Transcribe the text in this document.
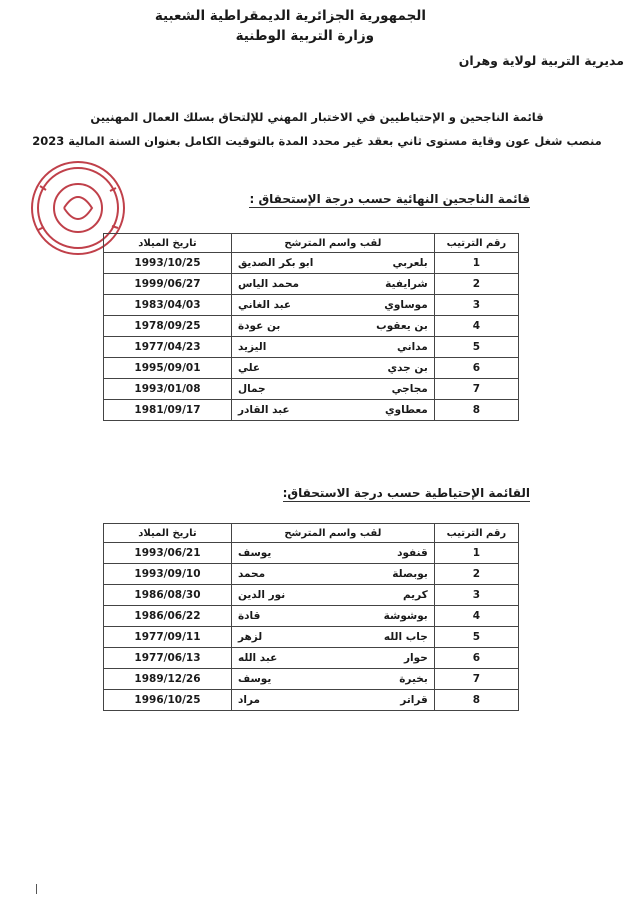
الجمهورية الجزائرية الديمقراطية الشعبية
وزارة التربية الوطنية
مديرية التربية لولاية وهران
قائمة الناجحين و الإحتياطيين في الاختبار المهني للإلتحاق بسلك العمال المهنيين
منصب شغل عون وقاية مستوى ثاني بعقد غير محدد المدة بالتوقيت الكامل بعنوان السنة المالية 2023
قائمة الناجحين النهائية حسب درجة الإستحقاق :
رقم الترتيب	لقب واسم المترشح		تاريخ الميلاد
1	بلعربي	ابو بكر الصديق	1993/10/25
2	شرايفية	محمد الياس	1999/06/27
3	موساوي	عبد الغاني	1983/04/03
4	بن يعقوب	بن عودة	1978/09/25
5	مداني	اليزيد	1977/04/23
6	بن جدي	علي	1995/09/01
7	مجاجي	جمال	1993/01/08
8	معطاوي	عبد القادر	1981/09/17
القائمة الإحتياطية حسب درجة الاستحقاق:
رقم الترتيب	لقب واسم المترشح		تاريخ الميلاد
1	قنفود	يوسف	1993/06/21
2	بوبصلة	محمد	1993/09/10
3	كريم	نور الدين	1986/08/30
4	بوشوشة	قادة	1986/06/22
5	جاب الله	لزهر	1977/09/11
6	حوار	عبد الله	1977/06/13
7	بخيرة	يوسف	1989/12/26
8	قراتر	مراد	1996/10/25
